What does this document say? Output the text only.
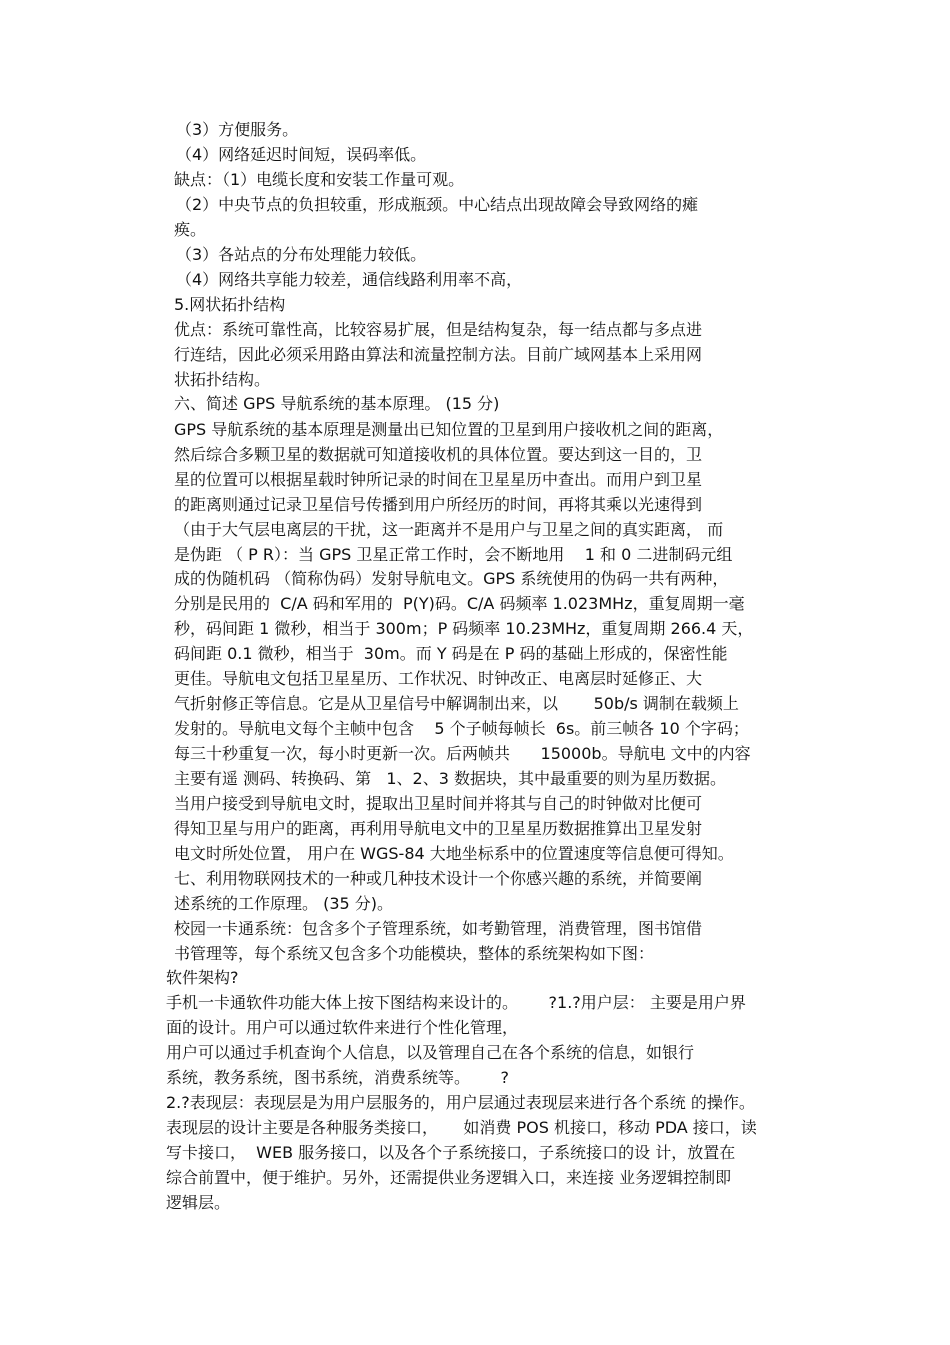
（3）方便服务。
（4）网络延迟时间短，误码率低。
缺点：（1）电缆长度和安装工作量可观。
（2）中央节点的负担较重，形成瓶颈。中心结点出现故障会导致网络的瘫
痪。
（3）各站点的分布处理能力较低。
（4）网络共享能力较差，通信线路利用率不高，
5.网状拓扑结构
优点：系统可靠性高，比较容易扩展，但是结构复杂，每一结点都与多点进
行连结，因此必须采用路由算法和流量控制方法。目前广域网基本上采用网
状拓扑结构。
六、简述 GPS 导航系统的基本原理。 (15 分)
GPS 导航系统的基本原理是测量出已知位置的卫星到用户接收机之间的距离，
然后综合多颗卫星的数据就可知道接收机的具体位置。要达到这一目的，卫
星的位置可以根据星载时钟所记录的时间在卫星星历中查出。而用户到卫星
的距离则通过记录卫星信号传播到用户所经历的时间，再将其乘以光速得到
（由于大气层电离层的干扰，这一距离并不是用户与卫星之间的真实距离， 而
是伪距 （ P R）：当 GPS 卫星正常工作时，会不断地用    1 和 0 二进制码元组
成的伪随机码 （简称伪码）发射导航电文。GPS 系统使用的伪码一共有两种，
分别是民用的  C/A 码和军用的  P(Y)码。C/A 码频率 1.023MHz，重复周期一毫
秒，码间距 1 微秒，相当于 300m；P 码频率 10.23MHz，重复周期 266.4 天，
码间距 0.1 微秒，相当于  30m。而 Y 码是在 P 码的基础上形成的，保密性能
更佳。导航电文包括卫星星历、工作状况、时钟改正、电离层时延修正、大
气折射修正等信息。它是从卫星信号中解调制出来，以       50b/s 调制在载频上
发射的。导航电文每个主帧中包含    5 个子帧每帧长  6s。前三帧各 10 个字码；
每三十秒重复一次，每小时更新一次。后两帧共      15000b。导航电 文中的内容
主要有遥 测码、转换码、第   1、2、3 数据块，其中最重要的则为星历数据。
当用户接受到导航电文时，提取出卫星时间并将其与自己的时钟做对比便可
得知卫星与用户的距离，再利用导航电文中的卫星星历数据推算出卫星发射
电文时所处位置， 用户在 WGS-84 大地坐标系中的位置速度等信息便可得知。
七、利用物联网技术的一种或几种技术设计一个你感兴趣的系统，并简要阐
述系统的工作原理。 (35 分)。
校园一卡通系统：包含多个子管理系统，如考勤管理，消费管理，图书馆借
书管理等，每个系统又包含多个功能模块，整体的系统架构如下图：
软件架构?
手机一卡通软件功能大体上按下图结构来设计的。      ?1.?用户层： 主要是用户界
面的设计。用户可以通过软件来进行个性化管理，
用户可以通过手机查询个人信息，以及管理自己在各个系统的信息，如银行
系统，教务系统，图书系统，消费系统等。      ?
2.?表现层：表现层是为用户层服务的，用户层通过表现层来进行各个系统 的操作。
表现层的设计主要是各种服务类接口，     如消费 POS 机接口，移动 PDA 接口，读
写卡接口，  WEB 服务接口，以及各个子系统接口，子系统接口的设 计，放置在
综合前置中，便于维护。另外，还需提供业务逻辑入口，来连接 业务逻辑控制即
逻辑层。
